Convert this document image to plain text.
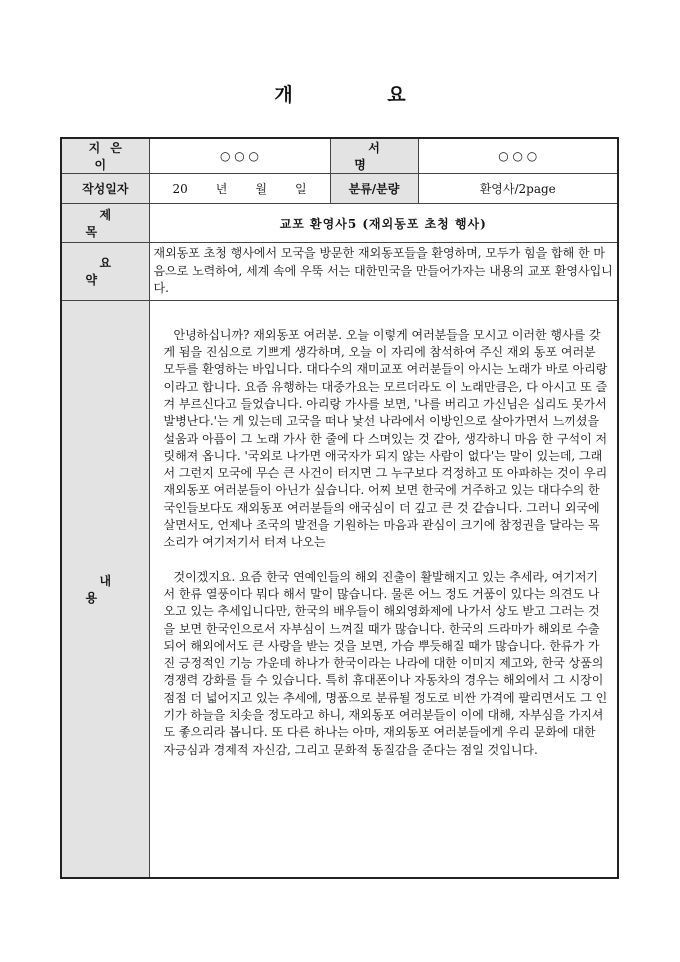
개 요
지은이	○ ○ ○	서 명	○ ○ ○
작성일자	20 년 월 일	분류/분량	환영사/2page
제 목	교포 환영사5 (재외동포 초청 행사)		
요 약	재외동포 초청 행사에서 모국을 방문한 재외동포들을 환영하며, 모두가 힘을 합해 한 마음으로 노력하여, 세계 속에 우뚝 서는 대한민국을 만들어가자는 내용의 교포 환영사입니다.		
내 용	안녕하십니까? 재외동포 여러분. 오늘 이렇게 여러분들을 모시고 이러한 행사를 갖게 됨을 진심으로 기쁘게 생각하며, 오늘 이 자리에 참석하여 주신 재외 동포 여러분 모두를 환영하는 바입니다. 대다수의 재미교포 여러분들이 아시는 노래가 바로 아리랑이라고 합니다. 요즘 유행하는 대중가요는 모르더라도 이 노래만큼은, 다 아시고 또 즐겨 부르신다고 들었습니다. 아리랑 가사를 보면, '나를 버리고 가신님은 십리도 못가서 발병난다.'는 게 있는데 고국을 떠나 낯선 나라에서 이방인으로 살아가면서 느끼셨을 설움과 아픔이 그 노래 가사 한 줄에 다 스며있는 것 같아, 생각하니 마음 한 구석이 저릿해져 옵니다. '국외로 나가면 애국자가 되지 않는 사람이 없다'는 말이 있는데, 그래서 그런지 모국에 무슨 큰 사건이 터지면 그 누구보다 걱정하고 또 아파하는 것이 우리 재외동포 여러분들이 아닌가 싶습니다. 어찌 보면 한국에 거주하고 있는 대다수의 한국인들보다도 재외동포 여러분들의 애국심이 더 깊고 큰 것 같습니다. 그러니 외국에 살면서도, 언제나 조국의 발전을 기원하는 마음과 관심이 크기에 참정권을 달라는 목소리가 여기저기서 터져 나오는

것이겠지요. 요즘 한국 연예인들의 해외 진출이 활발해지고 있는 추세라, 여기저기서 한류 열풍이다 뭐다 해서 말이 많습니다. 물론 어느 정도 거품이 있다는 의견도 나오고 있는 추세입니다만, 한국의 배우들이 해외영화제에 나가서 상도 받고 그러는 것을 보면 한국인으로서 자부심이 느껴질 때가 많습니다. 한국의 드라마가 해외로 수출되어 해외에서도 큰 사랑을 받는 것을 보면, 가슴 뿌듯해질 때가 많습니다. 한류가 가진 긍정적인 기능 가운데 하나가 한국이라는 나라에 대한 이미지 제고와, 한국 상품의 경쟁력 강화를 들 수 있습니다. 특히 휴대폰이나 자동차의 경우는 해외에서 그 시장이 점점 더 넓어지고 있는 추세에, 명품으로 분류될 정도로 비싼 가격에 팔리면서도 그 인기가 하늘을 치솟을 정도라고 하니, 재외동포 여러분들이 이에 대해, 자부심을 가지셔도 좋으리라 봅니다. 또 다른 하나는 아마, 재외동포 여러분들에게 우리 문화에 대한 자긍심과 경제적 자신감, 그리고 문화적 동질감을 준다는 점일 것입니다.		
